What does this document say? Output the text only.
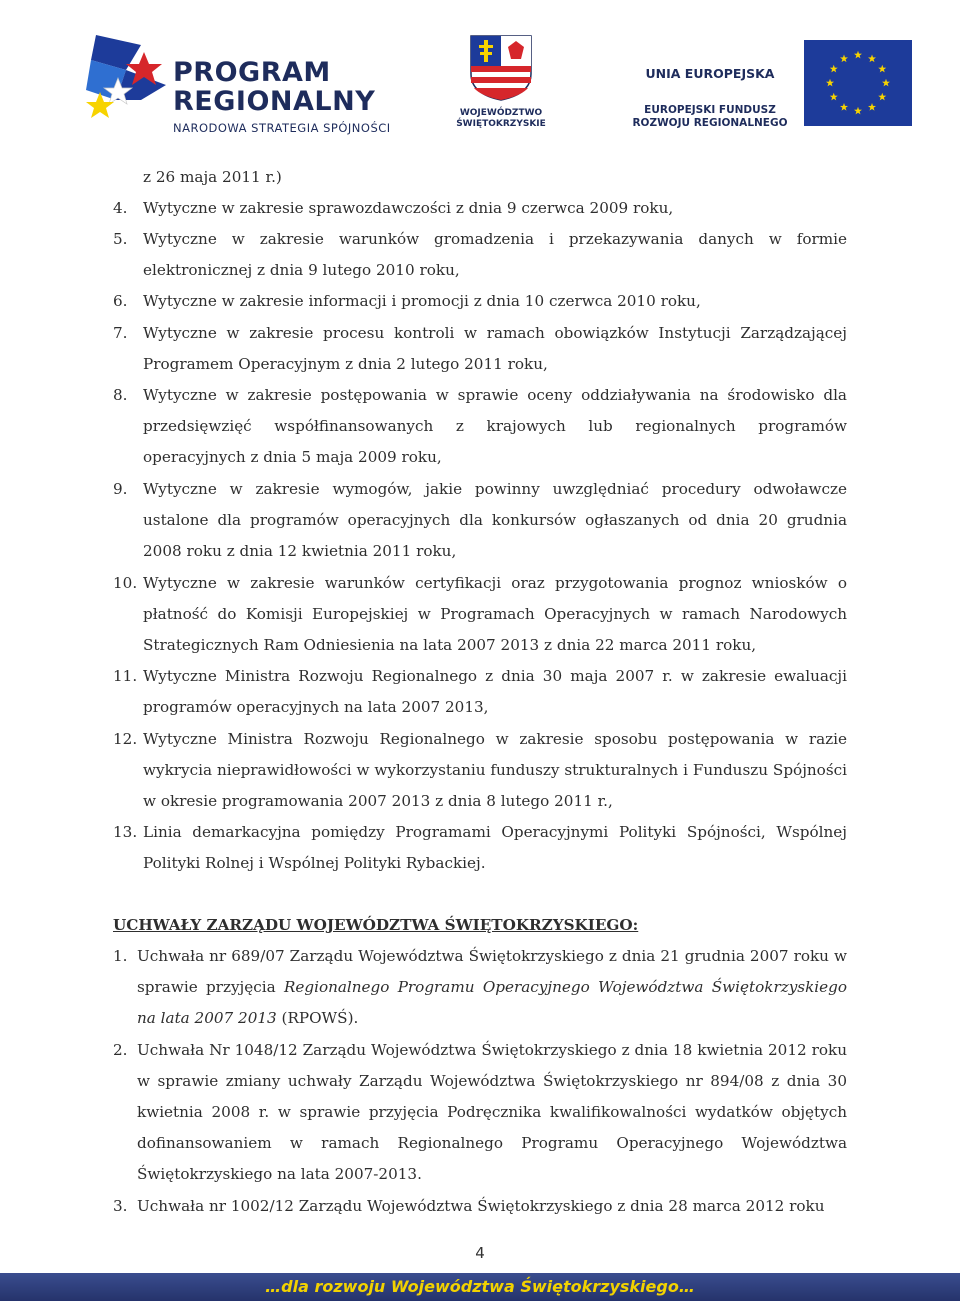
PROGRAM
REGIONALNY
NARODOWA STRATEGIA SPÓJNOŚCI
WOJEWÓDZTWO
ŚWIĘTOKRZYSKIE
UNIA EUROPEJSKA
EUROPEJSKI FUNDUSZ
ROZWOJU REGIONALNEGO

z 26 maja 2011 r.)

4. Wytyczne w zakresie sprawozdawczości z dnia 9 czerwca 2009 roku,

5. Wytyczne w zakresie warunków gromadzenia i przekazywania danych w formie elektronicznej z dnia 9 lutego 2010 roku,

6. Wytyczne w zakresie informacji i promocji z dnia 10 czerwca 2010 roku,

7. Wytyczne w zakresie procesu kontroli w ramach obowiązków Instytucji Zarządzającej Programem Operacyjnym z dnia 2 lutego 2011 roku,

8. Wytyczne w zakresie postępowania w sprawie oceny oddziaływania na środowisko dla przedsięwzięć współfinansowanych z krajowych lub regionalnych programów operacyjnych z dnia 5 maja 2009 roku,

9. Wytyczne w zakresie wymogów, jakie powinny uwzględniać procedury odwoławcze ustalone dla programów operacyjnych dla konkursów ogłaszanych od dnia 20 grudnia 2008 roku z dnia 12 kwietnia 2011 roku,

10. Wytyczne w zakresie warunków certyfikacji oraz przygotowania prognoz wniosków o płatność do Komisji Europejskiej w Programach Operacyjnych w ramach Narodowych Strategicznych Ram Odniesienia na lata 2007 2013 z dnia 22 marca 2011 roku,

11. Wytyczne Ministra Rozwoju Regionalnego z dnia 30 maja 2007 r. w zakresie ewaluacji programów operacyjnych na lata 2007 2013,

12. Wytyczne Ministra Rozwoju Regionalnego w zakresie sposobu postępowania w razie wykrycia nieprawidłowości w wykorzystaniu funduszy strukturalnych i Funduszu Spójności w okresie programowania 2007 2013 z dnia 8 lutego 2011 r.,

13. Linia demarkacyjna pomiędzy Programami Operacyjnymi Polityki Spójności, Wspólnej Polityki Rolnej i Wspólnej Polityki Rybackiej.

UCHWAŁY ZARZĄDU WOJEWÓDZTWA ŚWIĘTOKRZYSKIEGO:

1. Uchwała nr 689/07 Zarządu Województwa Świętokrzyskiego z dnia 21 grudnia 2007 roku w sprawie przyjęcia Regionalnego Programu Operacyjnego Województwa Świętokrzyskiego na lata 2007 2013 (RPOWŚ).

2. Uchwała Nr 1048/12 Zarządu Województwa Świętokrzyskiego z dnia 18 kwietnia 2012 roku w sprawie zmiany uchwały Zarządu Województwa Świętokrzyskiego nr 894/08 z dnia 30 kwietnia 2008 r. w sprawie przyjęcia Podręcznika kwalifikowalności wydatków objętych dofinansowaniem w ramach Regionalnego Programu Operacyjnego Województwa Świętokrzyskiego na lata 2007-2013.

3. Uchwała nr 1002/12 Zarządu Województwa Świętokrzyskiego z dnia 28 marca 2012 roku

4
…dla rozwoju Województwa Świętokrzyskiego…
